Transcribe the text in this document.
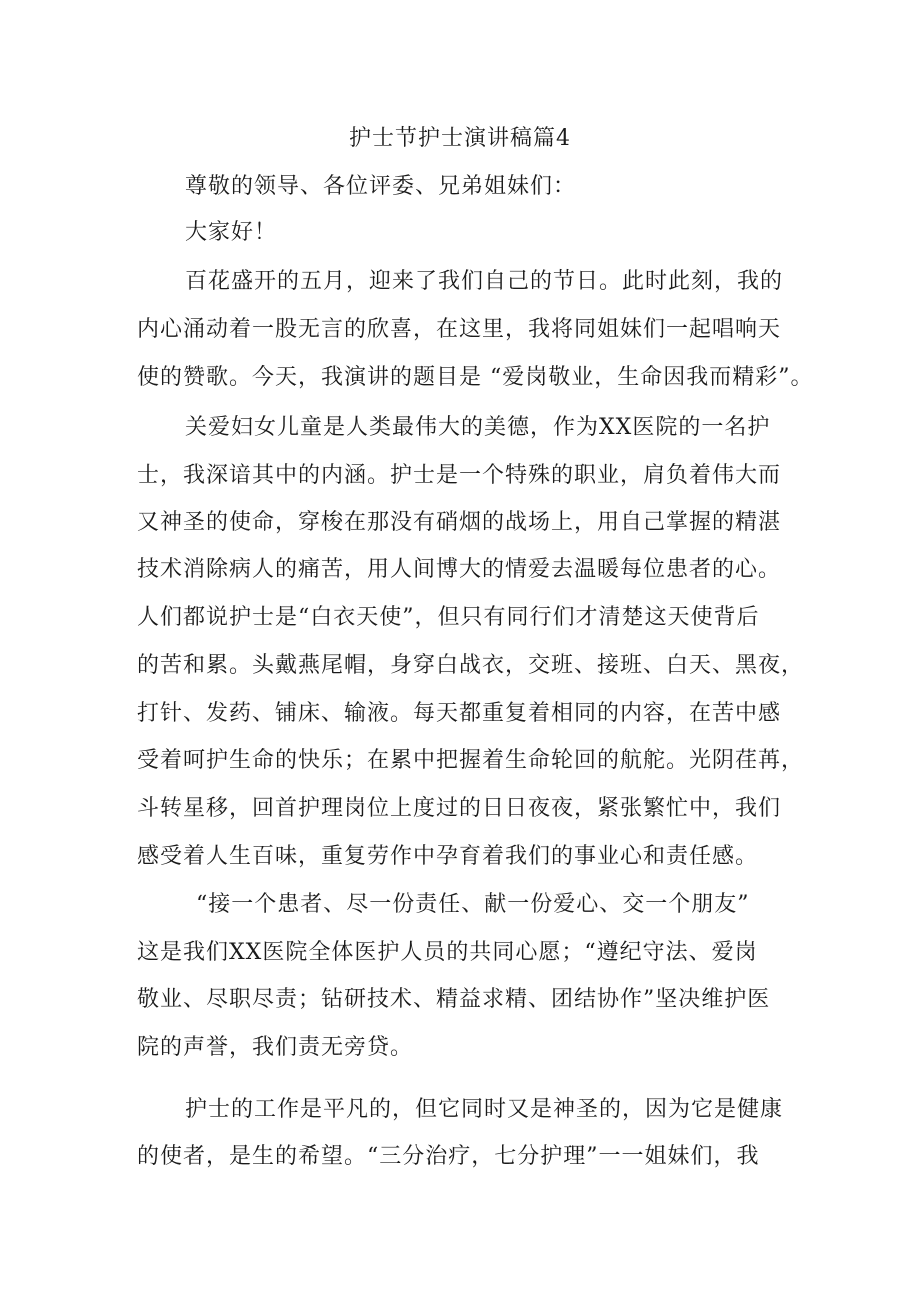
护士节护士演讲稿篇4
尊敬的领导、各位评委、兄弟姐妹们：
大家好！
百花盛开的五月，迎来了我们自己的节日。此时此刻，我的
内心涌动着一股无言的欣喜，在这里，我将同姐妹们一起唱响天
使的赞歌。今天，我演讲的题目是 “爱岗敬业，生命因我而精彩”。
关爱妇女儿童是人类最伟大的美德，作为XX医院的一名护
士，我深谙其中的内涵。护士是一个特殊的职业，肩负着伟大而
又神圣的使命，穿梭在那没有硝烟的战场上，用自己掌握的精湛
技术消除病人的痛苦，用人间博大的情爱去温暖每位患者的心。
人们都说护士是“白衣天使”，但只有同行们才清楚这天使背后
的苦和累。头戴燕尾帽，身穿白战衣，交班、接班、白天、黑夜，
打针、发药、铺床、输液。每天都重复着相同的内容，在苦中感
受着呵护生命的快乐；在累中把握着生命轮回的航舵。光阴荏苒，
斗转星移，回首护理岗位上度过的日日夜夜，紧张繁忙中，我们
感受着人生百味，重复劳作中孕育着我们的事业心和责任感。
“接一个患者、尽一份责任、献一份爱心、交一个朋友”
这是我们XX医院全体医护人员的共同心愿；“遵纪守法、爱岗
敬业、尽职尽责；钻研技术、精益求精、团结协作”坚决维护医
院的声誉，我们责无旁贷。
护士的工作是平凡的，但它同时又是神圣的，因为它是健康
的使者，是生的希望。“三分治疗，七分护理”一一姐妹们，我
